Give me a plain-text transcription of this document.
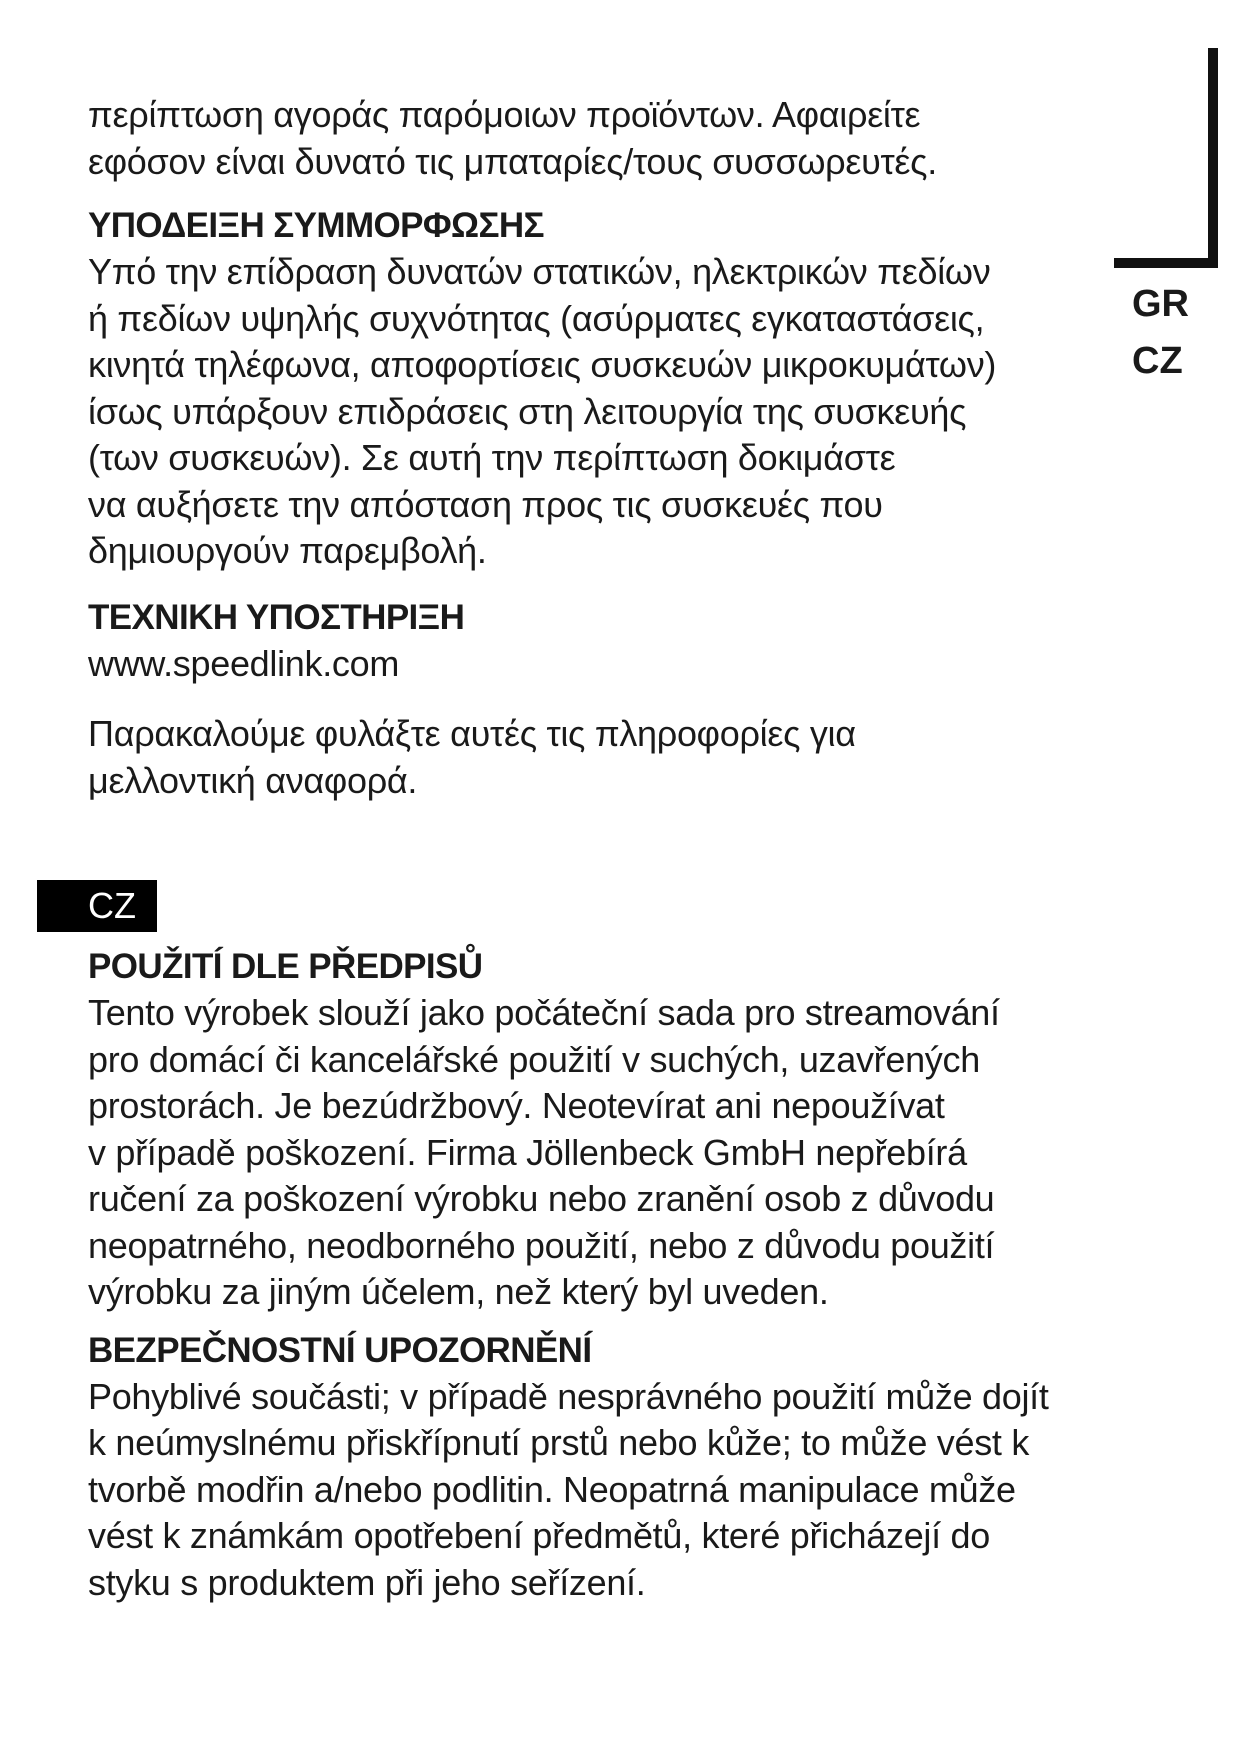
περίπτωση αγοράς παρόμοιων προϊόντων. Αφαιρείτε
εφόσον είναι δυνατό τις μπαταρίες/τους συσσωρευτές.

ΥΠΟΔΕΙΞΗ ΣΥΜΜΟΡΦΩΣΗΣ

Υπό την επίδραση δυνατών στατικών, ηλεκτρικών πεδίων
ή πεδίων υψηλής συχνότητας (ασύρματες εγκαταστάσεις,
κινητά τηλέφωνα, αποφορτίσεις συσκευών μικροκυμάτων)
ίσως υπάρξουν επιδράσεις στη λειτουργία της συσκευής
(των συσκευών). Σε αυτή την περίπτωση δοκιμάστε
να αυξήσετε την απόσταση προς τις συσκευές που
δημιουργούν παρεμβολή.

ΤΕΧΝΙΚΗ ΥΠΟΣΤΗΡΙΞΗ

www.speedlink.com

Παρακαλούμε φυλάξτε αυτές τις πληροφορίες για
μελλοντική αναφορά.

CZ
POUŽITÍ DLE PŘEDPISŮ

Tento výrobek slouží jako počáteční sada pro streamování
pro domácí či kancelářské použití v suchých, uzavřených
prostorách. Je bezúdržbový. Neotevírat ani nepoužívat
v případě poškození. Firma Jöllenbeck GmbH nepřebírá
ručení za poškození výrobku nebo zranění osob z důvodu
neopatrného, neodborného použití, nebo z důvodu použití
výrobku za jiným účelem, než který byl uveden.

BEZPEČNOSTNÍ UPOZORNĚNÍ

Pohyblivé součásti; v případě nesprávného použití může dojít
k neúmyslnému přiskřípnutí prstů nebo kůže; to může vést k
tvorbě modřin a/nebo podlitin. Neopatrná manipulace může
vést k známkám opotřebení předmětů, které přicházejí do
styku s produktem při jeho seřízení.

GR
CZ
